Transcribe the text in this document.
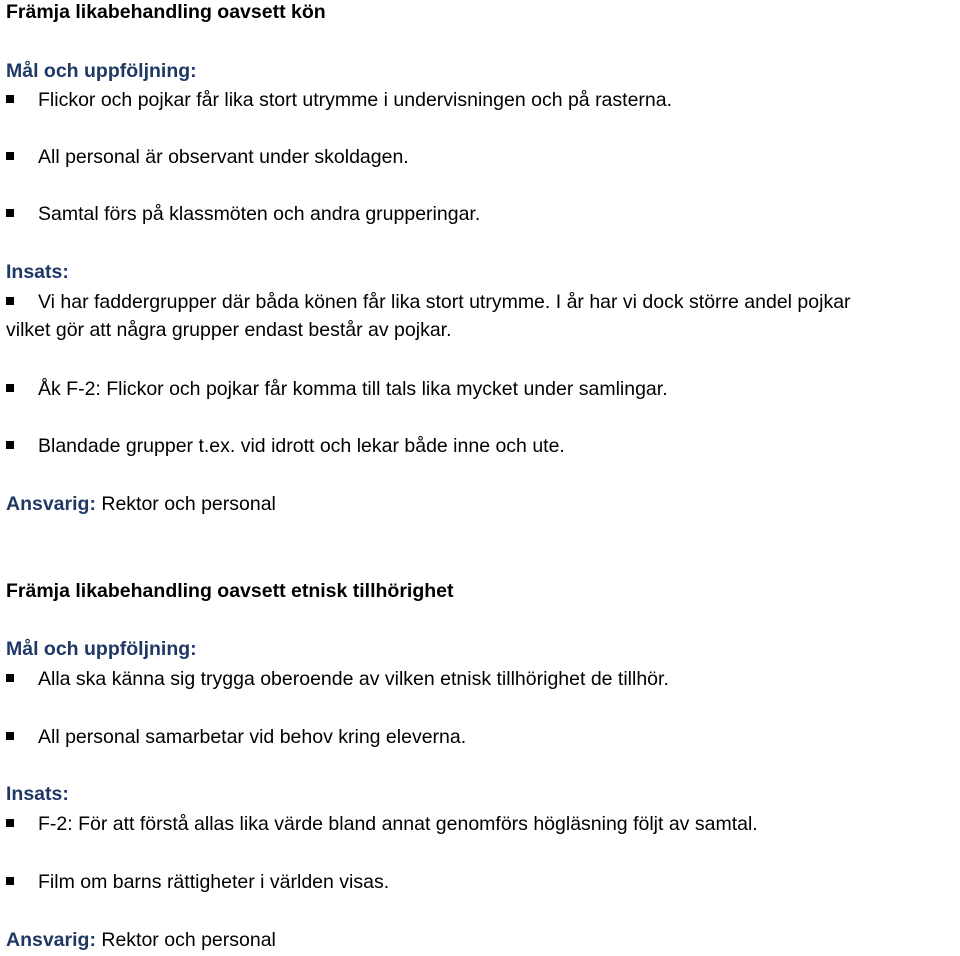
Främja likabehandling oavsett kön
Mål och uppföljning:
Flickor och pojkar får lika stort utrymme i undervisningen och på rasterna.
All personal är observant under skoldagen.
Samtal förs på klassmöten och andra grupperingar.
Insats:
Vi har faddergrupper där båda könen får lika stort utrymme. I år har vi dock större andel pojkar
vilket gör att några grupper endast består av pojkar.
Åk F-2: Flickor och pojkar får komma till tals lika mycket under samlingar.
Blandade grupper t.ex. vid idrott och lekar både inne och ute.
Ansvarig: Rektor och personal
Främja likabehandling oavsett etnisk tillhörighet
Mål och uppföljning:
Alla ska känna sig trygga oberoende av vilken etnisk tillhörighet de tillhör.
All personal samarbetar vid behov kring eleverna.
Insats:
F-2: För att förstå allas lika värde bland annat genomförs högläsning följt av samtal.
Film om barns rättigheter i världen visas.
Ansvarig: Rektor och personal
